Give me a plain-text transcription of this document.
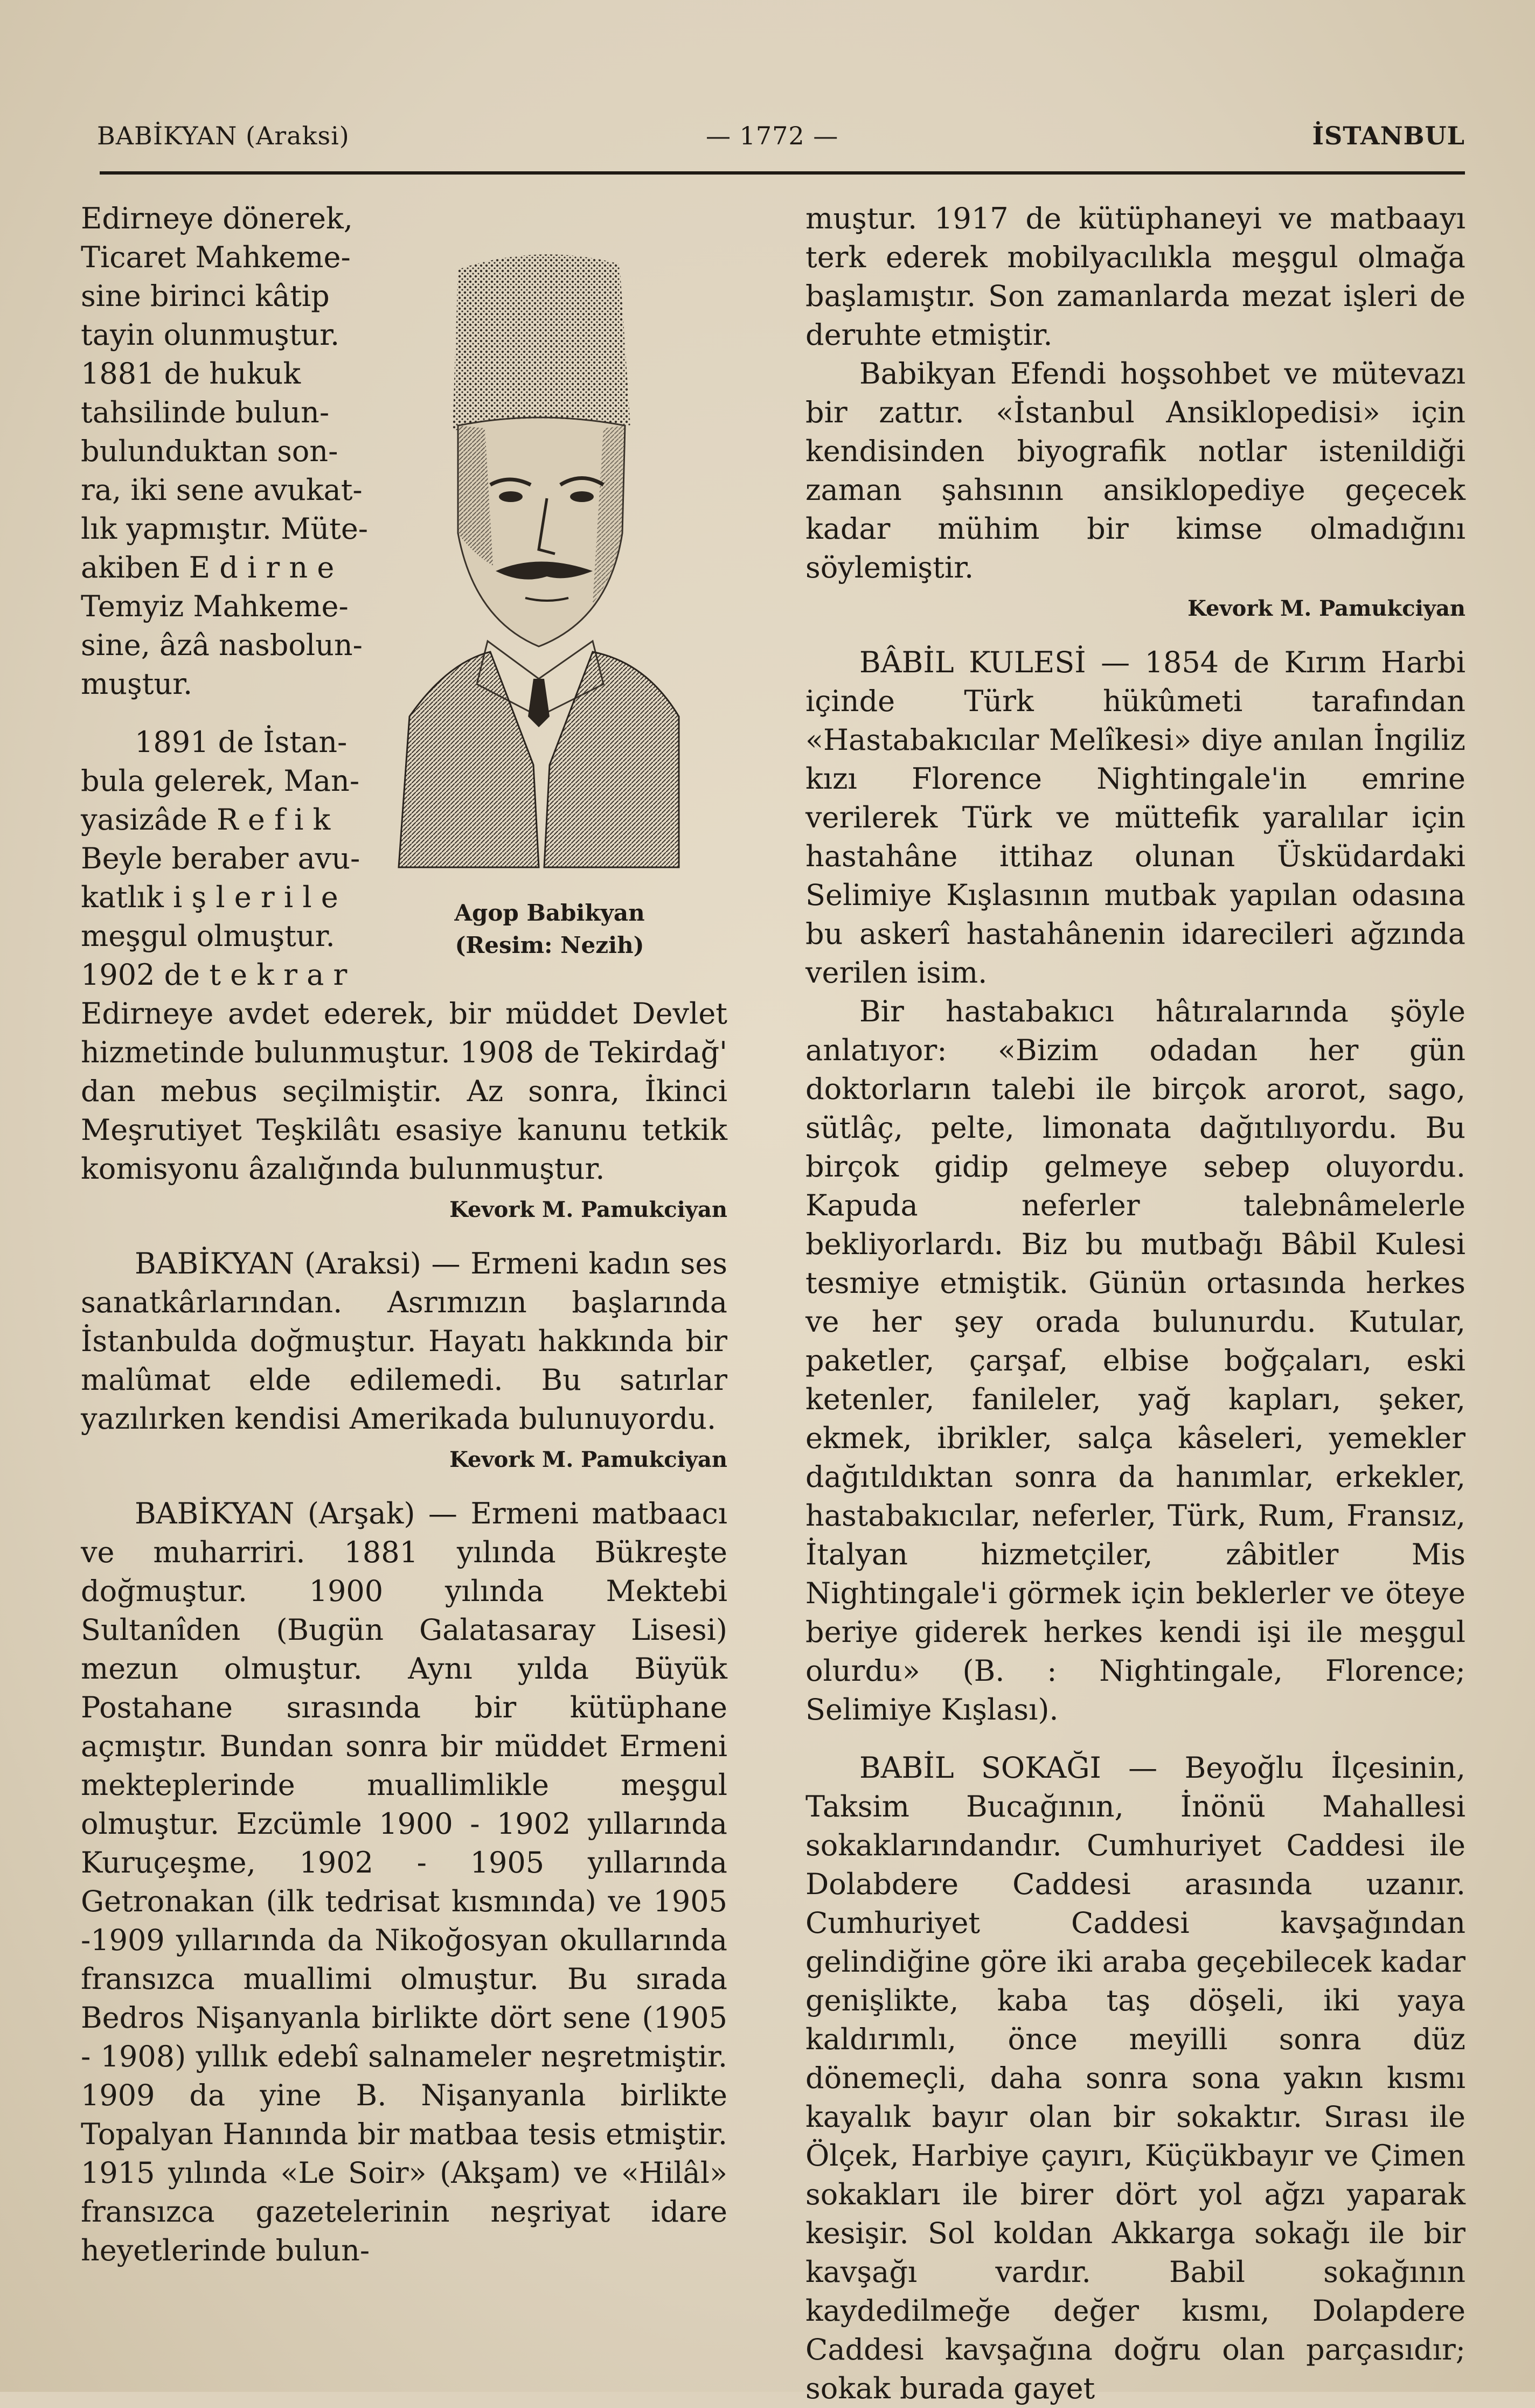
BABİKYAN (Araksi)	— 1772 —	İSTANBUL
Agop Babikyan
(Resim: Nezih)
Edirneye dönerek,
Ticaret Mahkeme-
sine birinci kâtip
tayin olunmuştur.
1881 de hukuk
tahsilinde bulun-
bulunduktan son-
ra, iki sene avukat-
lık yapmıştır. Müte-
akiben E d i r n e
Temyiz Mahkeme-
sine, âzâ nasbolun-
muştur.
1891 de İstan-
bula gelerek, Man-
yasizâde R e f i k
Beyle beraber avu-
katlık i ş l e r i l e
meşgul olmuştur.
1902 de t e k r a r

Edirneye avdet ederek, bir müddet Devlet hizmetinde bulunmuştur. 1908 de Tekirdağ' dan mebus seçilmiştir. Az sonra, İkinci Meşrutiyet Teşkilâtı esasiye kanunu tetkik komisyonu âzalığında bulunmuştur.

Kevork M. Pamukciyan

BABİKYAN (Araksi) — Ermeni kadın ses sanatkârlarından. Asrımızın başlarında İstanbulda doğmuştur. Hayatı hakkında bir malûmat elde edilemedi. Bu satırlar yazılırken kendisi Amerikada bulunuyordu.

Kevork M. Pamukciyan

BABİKYAN (Arşak) — Ermeni matbaacı ve muharriri. 1881 yılında Bükreşte doğmuştur. 1900 yılında Mektebi Sultanîden (Bugün Galatasaray Lisesi) mezun olmuştur. Aynı yılda Büyük Postahane sırasında bir kütüphane açmıştır. Bundan sonra bir müddet Ermeni mekteplerinde muallimlikle meşgul olmuştur. Ezcümle 1900 - 1902 yıllarında Kuruçeşme, 1902 - 1905 yıllarında Getronakan (ilk tedrisat kısmında) ve 1905 -1909 yıllarında da Nikoğosyan okullarında fransızca muallimi olmuştur. Bu sırada Bedros Nişanyanla birlikte dört sene (1905 - 1908) yıllık edebî salnameler neşretmiştir. 1909 da yine B. Nişanyanla birlikte Topalyan Hanında bir matbaa tesis etmiştir. 1915 yılında «Le Soir» (Akşam) ve «Hilâl» fransızca gazetelerinin neşriyat idare heyetlerinde bulun-

muştur. 1917 de kütüphaneyi ve matbaayı terk ederek mobilyacılıkla meşgul olmağa başlamıştır. Son zamanlarda mezat işleri de deruhte etmiştir.

Babikyan Efendi hoşsohbet ve mütevazı bir zattır. «İstanbul Ansiklopedisi» için kendisinden biyografik notlar istenildiği zaman şahsının ansiklopediye geçecek kadar mühim bir kimse olmadığını söylemiştir.

Kevork M. Pamukciyan

BÂBİL KULESİ — 1854 de Kırım Harbi içinde Türk hükûmeti tarafından «Hastabakıcılar Melîkesi» diye anılan İngiliz kızı Florence Nightingale'in emrine verilerek Türk ve müttefik yaralılar için hastahâne ittihaz olunan Üsküdardaki Selimiye Kışlasının mutbak yapılan odasına bu askerî hastahânenin idarecileri ağzında verilen isim.

Bir hastabakıcı hâtıralarında şöyle anlatıyor: «Bizim odadan her gün doktorların talebi ile birçok arorot, sago, sütlâç, pelte, limonata dağıtılıyordu. Bu birçok gidip gelmeye sebep oluyordu. Kapuda neferler talebnâmelerle bekliyorlardı. Biz bu mutbağı Bâbil Kulesi tesmiye etmiştik. Günün ortasında herkes ve her şey orada bulunurdu. Kutular, paketler, çarşaf, elbise boğçaları, eski ketenler, fanileler, yağ kapları, şeker, ekmek, ibrikler, salça kâseleri, yemekler dağıtıldıktan sonra da hanımlar, erkekler, hastabakıcılar, neferler, Türk, Rum, Fransız, İtalyan hizmetçiler, zâbitler Mis Nightingale'i görmek için beklerler ve öteye beriye giderek herkes kendi işi ile meşgul olurdu» (B. : Nightingale, Florence; Selimiye Kışlası).

BABİL SOKAĞI — Beyoğlu İlçesinin, Taksim Bucağının, İnönü Mahallesi sokaklarındandır. Cumhuriyet Caddesi ile Dolabdere Caddesi arasında uzanır. Cumhuriyet Caddesi kavşağından gelindiğine göre iki araba geçebilecek kadar genişlikte, kaba taş döşeli, iki yaya kaldırımlı, önce meyilli sonra düz dönemeçli, daha sonra sona yakın kısmı kayalık bayır olan bir sokaktır. Sırası ile Ölçek, Harbiye çayırı, Küçükbayır ve Çimen sokakları ile birer dört yol ağzı yaparak kesişir. Sol koldan Akkarga sokağı ile bir kavşağı vardır. Babil sokağının kaydedilmeğe değer kısmı, Dolapdere Caddesi kavşağına doğru olan parçasıdır; sokak burada gayet
